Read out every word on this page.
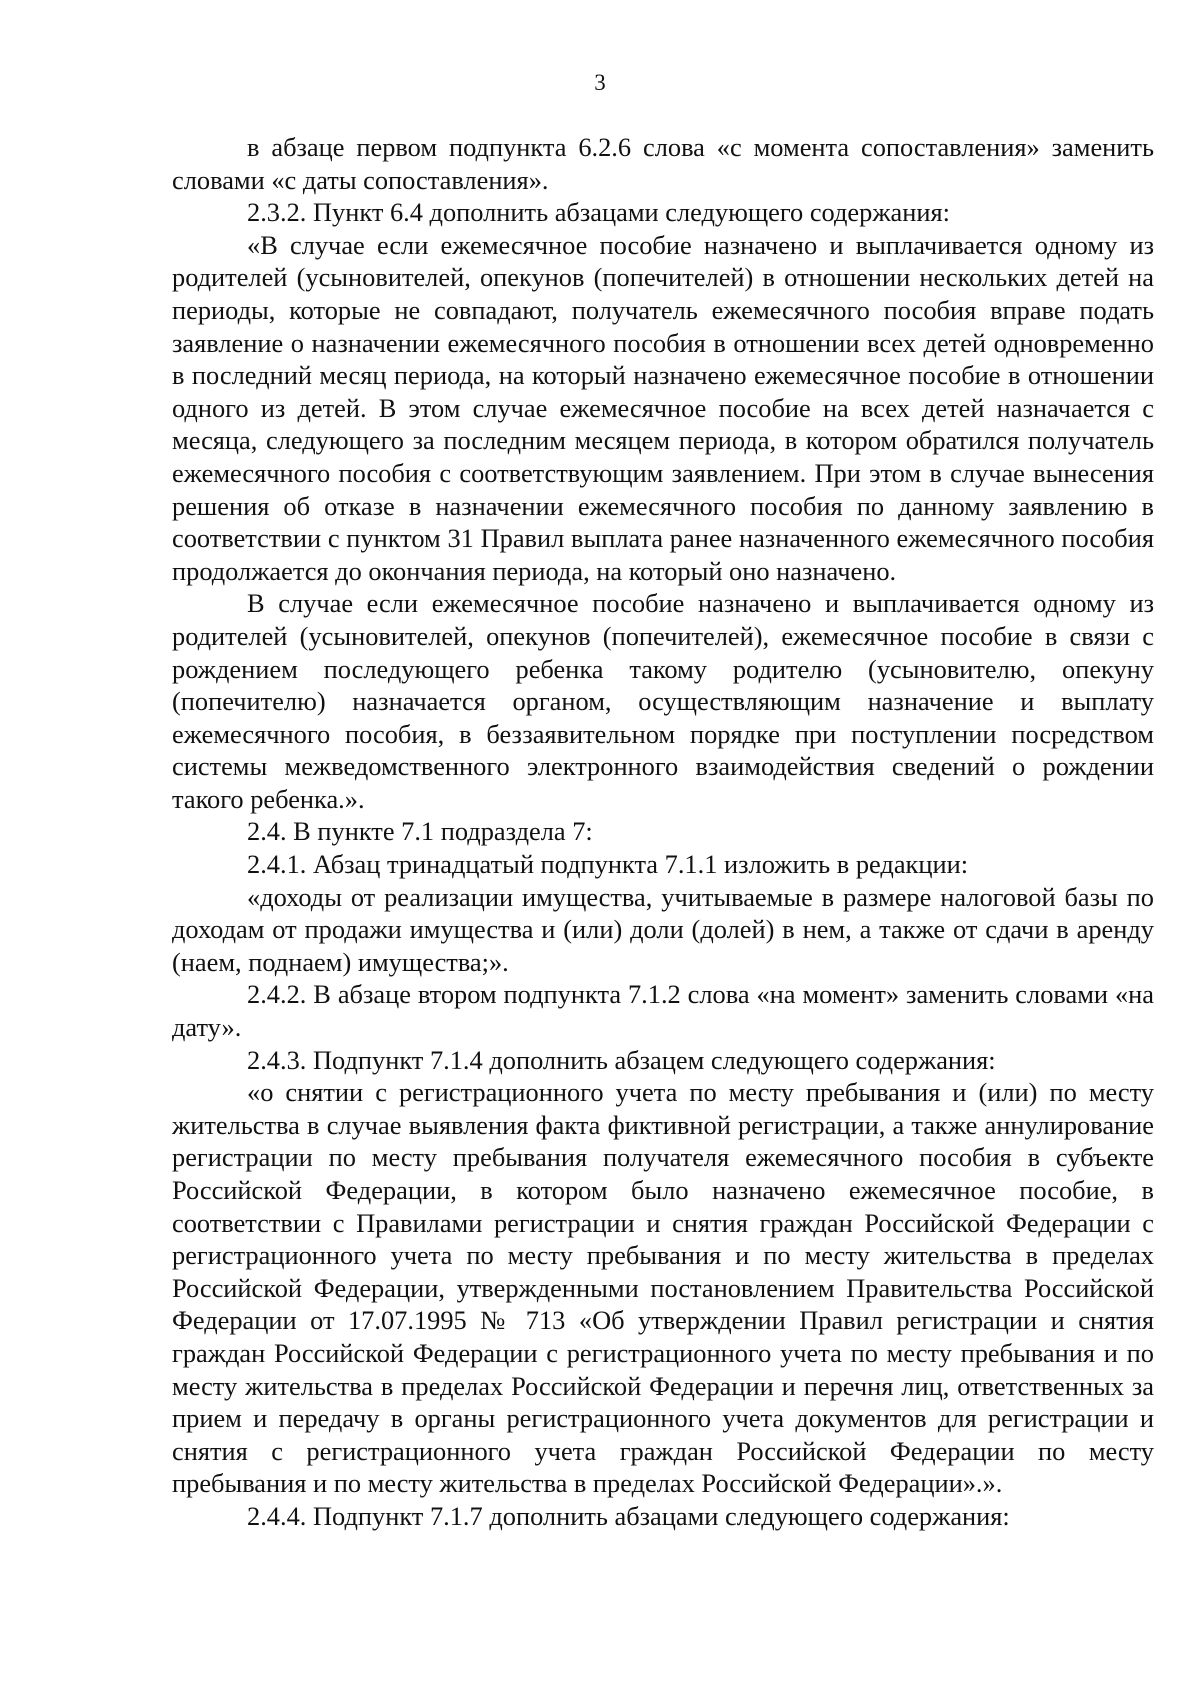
3

в абзаце первом подпункта 6.2.6 слова «с момента сопоставления» заменить словами «с даты сопоставления».

2.3.2. Пункт 6.4 дополнить абзацами следующего содержания:

«В случае если ежемесячное пособие назначено и выплачивается одному из родителей (усыновителей, опекунов (попечителей) в отношении нескольких детей на периоды, которые не совпадают, получатель ежемесячного пособия вправе подать заявление о назначении ежемесячного пособия в отношении всех детей одновременно в последний месяц периода, на который назначено ежемесячное пособие в отношении одного из детей. В этом случае ежемесячное пособие на всех детей назначается с месяца, следующего за последним месяцем периода, в котором обратился получатель ежемесячного пособия с соответствующим заявлением. При этом в случае вынесения решения об отказе в назначении ежемесячного пособия по данному заявлению в соответствии с пунктом 31 Правил выплата ранее назначенного ежемесячного пособия продолжается до окончания периода, на который оно назначено.

В случае если ежемесячное пособие назначено и выплачивается одному из родителей (усыновителей, опекунов (попечителей), ежемесячное пособие в связи с рождением последующего ребенка такому родителю (усыновителю, опекуну (попечителю) назначается органом, осуществляющим назначение и выплату ежемесячного пособия, в беззаявительном порядке при поступлении посредством системы межведомственного электронного взаимодействия сведений о рождении такого ребенка.».

2.4. В пункте 7.1 подраздела 7:

2.4.1. Абзац тринадцатый подпункта 7.1.1 изложить в редакции:

«доходы от реализации имущества, учитываемые в размере налоговой базы по доходам от продажи имущества и (или) доли (долей) в нем, а также от сдачи в аренду (наем, поднаем) имущества;».

2.4.2. В абзаце втором подпункта 7.1.2 слова «на момент» заменить словами «на дату».

2.4.3. Подпункт 7.1.4 дополнить абзацем следующего содержания:

«о снятии с регистрационного учета по месту пребывания и (или) по месту жительства в случае выявления факта фиктивной регистрации, а также аннулирование регистрации по месту пребывания получателя ежемесячного пособия в субъекте Российской Федерации, в котором было назначено ежемесячное пособие, в соответствии с Правилами регистрации и снятия граждан Российской Федерации с регистрационного учета по месту пребывания и по месту жительства в пределах Российской Федерации, утвержденными постановлением Правительства Российской Федерации от 17.07.1995 № 713 «Об утверждении Правил регистрации и снятия граждан Российской Федерации с регистрационного учета по месту пребывания и по месту жительства в пределах Российской Федерации и перечня лиц, ответственных за прием и передачу в органы регистрационного учета документов для регистрации и снятия с регистрационного учета граждан Российской Федерации по месту пребывания и по месту жительства в пределах Российской Федерации».».

2.4.4. Подпункт 7.1.7 дополнить абзацами следующего содержания:
